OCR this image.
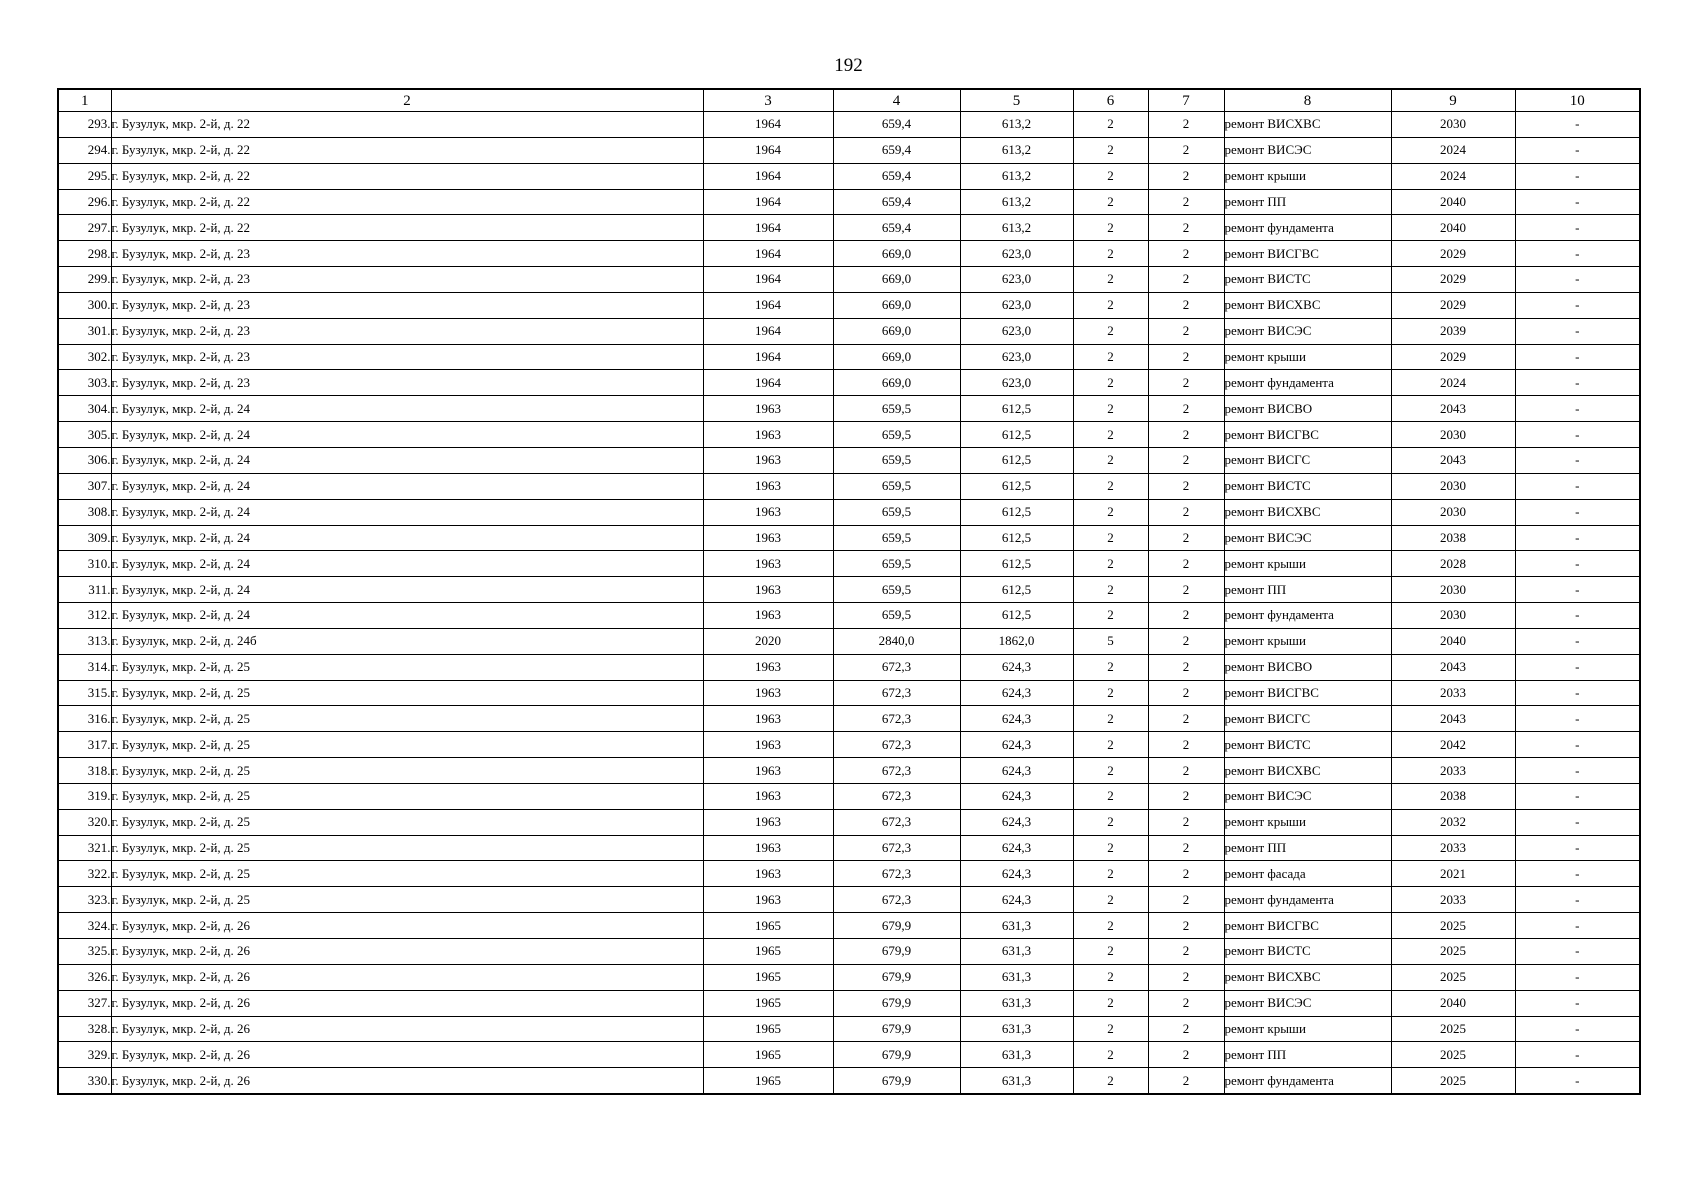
192
1	2	3	4	5	6	7	8	9	10
293.	г. Бузулук, мкр. 2-й, д. 22	1964	659,4	613,2	2	2	ремонт ВИСХВС	2030	-
294.	г. Бузулук, мкр. 2-й, д. 22	1964	659,4	613,2	2	2	ремонт ВИСЭС	2024	-
295.	г. Бузулук, мкр. 2-й, д. 22	1964	659,4	613,2	2	2	ремонт крыши	2024	-
296.	г. Бузулук, мкр. 2-й, д. 22	1964	659,4	613,2	2	2	ремонт ПП	2040	-
297.	г. Бузулук, мкр. 2-й, д. 22	1964	659,4	613,2	2	2	ремонт фундамента	2040	-
298.	г. Бузулук, мкр. 2-й, д. 23	1964	669,0	623,0	2	2	ремонт ВИСГВС	2029	-
299.	г. Бузулук, мкр. 2-й, д. 23	1964	669,0	623,0	2	2	ремонт ВИСТС	2029	-
300.	г. Бузулук, мкр. 2-й, д. 23	1964	669,0	623,0	2	2	ремонт ВИСХВС	2029	-
301.	г. Бузулук, мкр. 2-й, д. 23	1964	669,0	623,0	2	2	ремонт ВИСЭС	2039	-
302.	г. Бузулук, мкр. 2-й, д. 23	1964	669,0	623,0	2	2	ремонт крыши	2029	-
303.	г. Бузулук, мкр. 2-й, д. 23	1964	669,0	623,0	2	2	ремонт фундамента	2024	-
304.	г. Бузулук, мкр. 2-й, д. 24	1963	659,5	612,5	2	2	ремонт ВИСВО	2043	-
305.	г. Бузулук, мкр. 2-й, д. 24	1963	659,5	612,5	2	2	ремонт ВИСГВС	2030	-
306.	г. Бузулук, мкр. 2-й, д. 24	1963	659,5	612,5	2	2	ремонт ВИСГС	2043	-
307.	г. Бузулук, мкр. 2-й, д. 24	1963	659,5	612,5	2	2	ремонт ВИСТС	2030	-
308.	г. Бузулук, мкр. 2-й, д. 24	1963	659,5	612,5	2	2	ремонт ВИСХВС	2030	-
309.	г. Бузулук, мкр. 2-й, д. 24	1963	659,5	612,5	2	2	ремонт ВИСЭС	2038	-
310.	г. Бузулук, мкр. 2-й, д. 24	1963	659,5	612,5	2	2	ремонт крыши	2028	-
311.	г. Бузулук, мкр. 2-й, д. 24	1963	659,5	612,5	2	2	ремонт ПП	2030	-
312.	г. Бузулук, мкр. 2-й, д. 24	1963	659,5	612,5	2	2	ремонт фундамента	2030	-
313.	г. Бузулук, мкр. 2-й, д. 24б	2020	2840,0	1862,0	5	2	ремонт крыши	2040	-
314.	г. Бузулук, мкр. 2-й, д. 25	1963	672,3	624,3	2	2	ремонт ВИСВО	2043	-
315.	г. Бузулук, мкр. 2-й, д. 25	1963	672,3	624,3	2	2	ремонт ВИСГВС	2033	-
316.	г. Бузулук, мкр. 2-й, д. 25	1963	672,3	624,3	2	2	ремонт ВИСГС	2043	-
317.	г. Бузулук, мкр. 2-й, д. 25	1963	672,3	624,3	2	2	ремонт ВИСТС	2042	-
318.	г. Бузулук, мкр. 2-й, д. 25	1963	672,3	624,3	2	2	ремонт ВИСХВС	2033	-
319.	г. Бузулук, мкр. 2-й, д. 25	1963	672,3	624,3	2	2	ремонт ВИСЭС	2038	-
320.	г. Бузулук, мкр. 2-й, д. 25	1963	672,3	624,3	2	2	ремонт крыши	2032	-
321.	г. Бузулук, мкр. 2-й, д. 25	1963	672,3	624,3	2	2	ремонт ПП	2033	-
322.	г. Бузулук, мкр. 2-й, д. 25	1963	672,3	624,3	2	2	ремонт фасада	2021	-
323.	г. Бузулук, мкр. 2-й, д. 25	1963	672,3	624,3	2	2	ремонт фундамента	2033	-
324.	г. Бузулук, мкр. 2-й, д. 26	1965	679,9	631,3	2	2	ремонт ВИСГВС	2025	-
325.	г. Бузулук, мкр. 2-й, д. 26	1965	679,9	631,3	2	2	ремонт ВИСТС	2025	-
326.	г. Бузулук, мкр. 2-й, д. 26	1965	679,9	631,3	2	2	ремонт ВИСХВС	2025	-
327.	г. Бузулук, мкр. 2-й, д. 26	1965	679,9	631,3	2	2	ремонт ВИСЭС	2040	-
328.	г. Бузулук, мкр. 2-й, д. 26	1965	679,9	631,3	2	2	ремонт крыши	2025	-
329.	г. Бузулук, мкр. 2-й, д. 26	1965	679,9	631,3	2	2	ремонт ПП	2025	-
330.	г. Бузулук, мкр. 2-й, д. 26	1965	679,9	631,3	2	2	ремонт фундамента	2025	-
